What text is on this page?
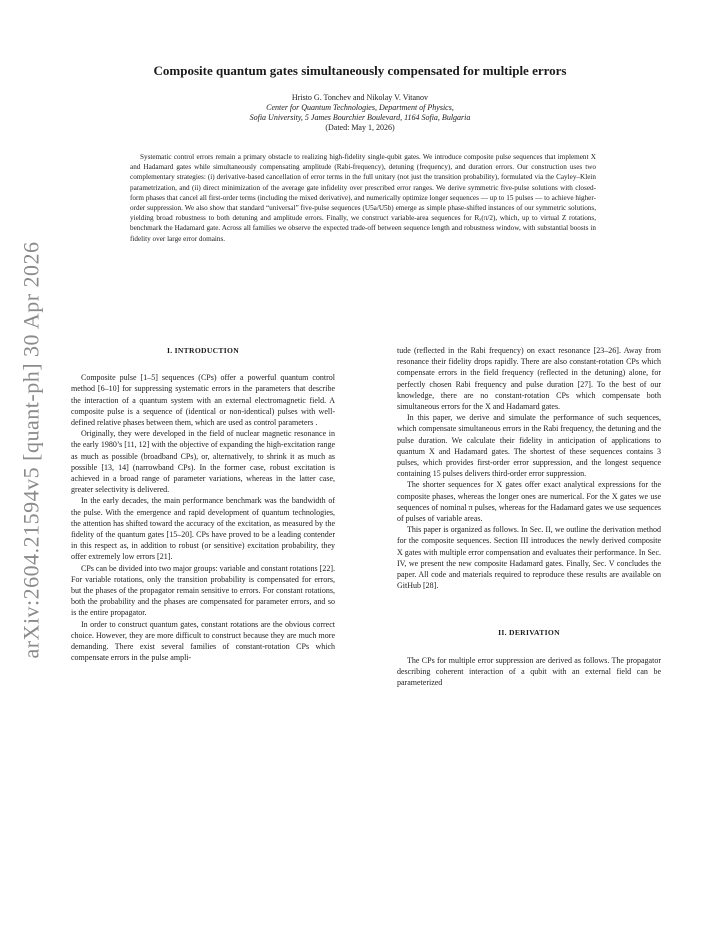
arXiv:2604.21594v5 [quant-ph] 30 Apr 2026
Composite quantum gates simultaneously compensated for multiple errors
Hristo G. Tonchev and Nikolay V. Vitanov
Center for Quantum Technologies, Department of Physics,
Sofia University, 5 James Bourchier Boulevard, 1164 Sofia, Bulgaria
(Dated: May 1, 2026)
Systematic control errors remain a primary obstacle to realizing high-fidelity single-qubit gates. We introduce composite pulse sequences that implement X and Hadamard gates while simultaneously compensating amplitude (Rabi-frequency), detuning (frequency), and duration errors. Our construction uses two complementary strategies: (i) derivative-based cancellation of error terms in the full unitary (not just the transition probability), formulated via the Cayley–Klein parametrization, and (ii) direct minimization of the average gate infidelity over prescribed error ranges. We derive symmetric five-pulse solutions with closed-form phases that cancel all first-order terms (including the mixed derivative), and numerically optimize longer sequences — up to 15 pulses — to achieve higher-order suppression. We also show that standard “universal” five-pulse sequences (U5a/U5b) emerge as simple phase-shifted instances of our symmetric solutions, yielding broad robustness to both detuning and amplitude errors. Finally, we construct variable-area sequences for Rₓ(π/2), which, up to virtual Z rotations, benchmark the Hadamard gate. Across all families we observe the expected trade-off between sequence length and robustness window, with substantial boosts in fidelity over large error domains.
I. INTRODUCTION

Composite pulse [1–5] sequences (CPs) offer a powerful quantum control method [6–10] for suppressing systematic errors in the parameters that describe the interaction of a quantum system with an external electromagnetic field. A composite pulse is a sequence of (identical or non-identical) pulses with well-defined relative phases between them, which are used as control parameters .

Originally, they were developed in the field of nuclear magnetic resonance in the early 1980’s [11, 12] with the objective of expanding the high-excitation range as much as possible (broadband CPs), or, alternatively, to shrink it as much as possible [13, 14] (narrowband CPs). In the former case, robust excitation is achieved in a broad range of parameter variations, whereas in the latter case, greater selectivity is delivered.

In the early decades, the main performance benchmark was the bandwidth of the pulse. With the emergence and rapid development of quantum technologies, the attention has shifted toward the accuracy of the excitation, as measured by the fidelity of the quantum gates [15–20]. CPs have proved to be a leading contender in this respect as, in addition to robust (or sensitive) excitation probability, they offer extremely low errors [21].

CPs can be divided into two major groups: variable and constant rotations [22]. For variable rotations, only the transition probability is compensated for errors, but the phases of the propagator remain sensitive to errors. For constant rotations, both the probability and the phases are compensated for parameter errors, and so is the entire propagator.

In order to construct quantum gates, constant rotations are the obvious correct choice. However, they are more difficult to construct because they are much more demanding. There exist several families of constant-rotation CPs which compensate errors in the pulse ampli-

tude (reflected in the Rabi frequency) on exact resonance [23–26]. Away from resonance their fidelity drops rapidly. There are also constant-rotation CPs which compensate errors in the field frequency (reflected in the detuning) alone, for perfectly chosen Rabi frequency and pulse duration [27]. To the best of our knowledge, there are no constant-rotation CPs which compensate both simultaneous errors for the X and Hadamard gates.

In this paper, we derive and simulate the performance of such sequences, which compensate simultaneous errors in the Rabi frequency, the detuning and the pulse duration. We calculate their fidelity in anticipation of applications to quantum X and Hadamard gates. The shortest of these sequences contains 3 pulses, which provides first-order error suppression, and the longest sequence containing 15 pulses delivers third-order error suppression.

The shorter sequences for X gates offer exact analytical expressions for the composite phases, whereas the longer ones are numerical. For the X gates we use sequences of nominal π pulses, whereas for the Hadamard gates we use sequences of pulses of variable areas.

This paper is organized as follows. In Sec. II, we outline the derivation method for the composite sequences. Section III introduces the newly derived composite X gates with multiple error compensation and evaluates their performance. In Sec. IV, we present the new composite Hadamard gates. Finally, Sec. V concludes the paper. All code and materials required to reproduce these results are available on GitHub [28].

II. DERIVATION

The CPs for multiple error suppression are derived as follows. The propagator describing coherent interaction of a qubit with an external field can be parameterized
